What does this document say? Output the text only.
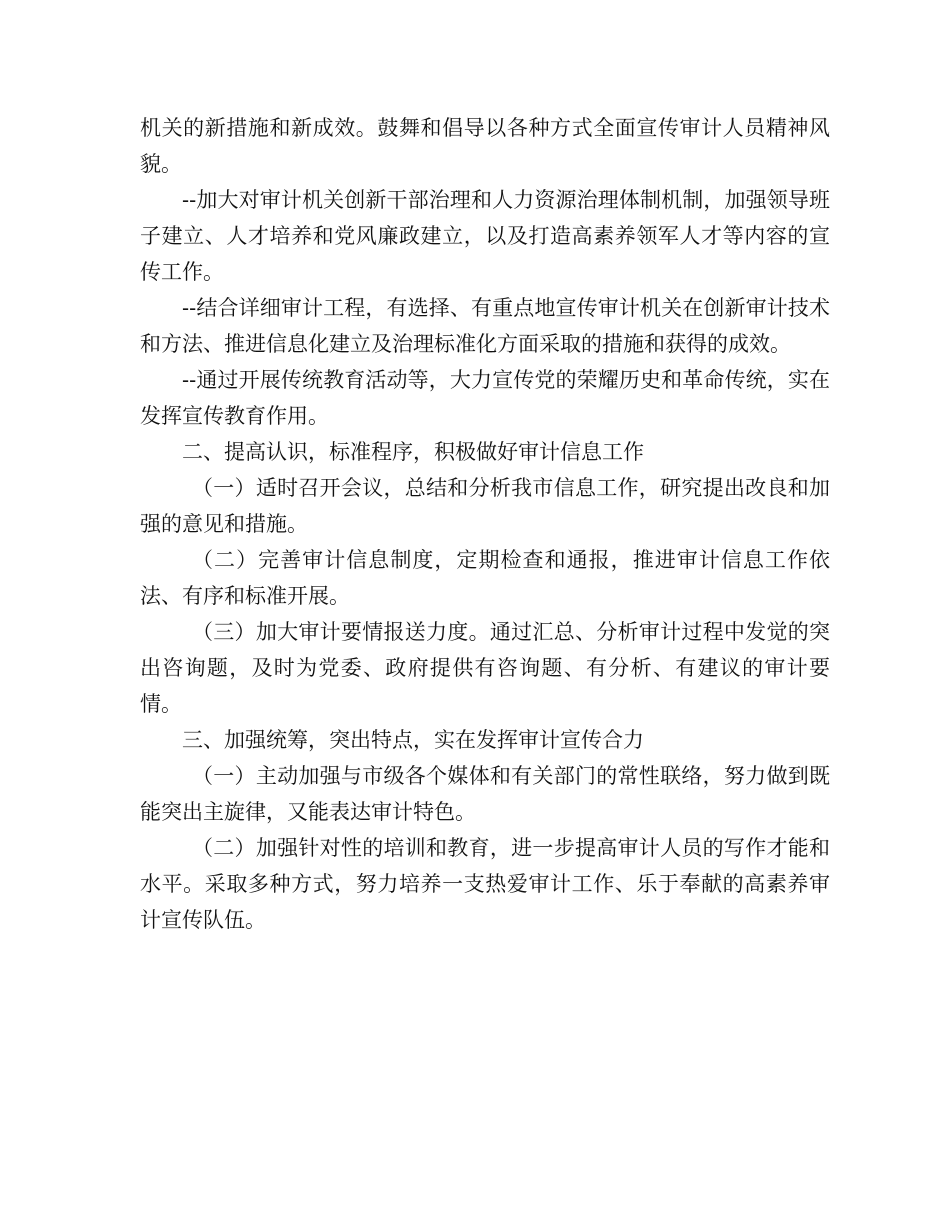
机关的新措施和新成效。鼓舞和倡导以各种方式全面宣传审计人员精神风貌。

--加大对审计机关创新干部治理和人力资源治理体制机制，加强领导班子建立、人才培养和党风廉政建立，以及打造高素养领军人才等内容的宣传工作。

--结合详细审计工程，有选择、有重点地宣传审计机关在创新审计技术和方法、推进信息化建立及治理标准化方面采取的措施和获得的成效。

--通过开展传统教育活动等，大力宣传党的荣耀历史和革命传统，实在发挥宣传教育作用。

二、提高认识，标准程序，积极做好审计信息工作

（一）适时召开会议，总结和分析我市信息工作，研究提出改良和加强的意见和措施。

（二）完善审计信息制度，定期检查和通报，推进审计信息工作依法、有序和标准开展。

（三）加大审计要情报送力度。通过汇总、分析审计过程中发觉的突出咨询题，及时为党委、政府提供有咨询题、有分析、有建议的审计要情。

三、加强统筹，突出特点，实在发挥审计宣传合力

（一）主动加强与市级各个媒体和有关部门的常性联络，努力做到既能突出主旋律，又能表达审计特色。

（二）加强针对性的培训和教育，进一步提高审计人员的写作才能和水平。采取多种方式，努力培养一支热爱审计工作、乐于奉献的高素养审计宣传队伍。
